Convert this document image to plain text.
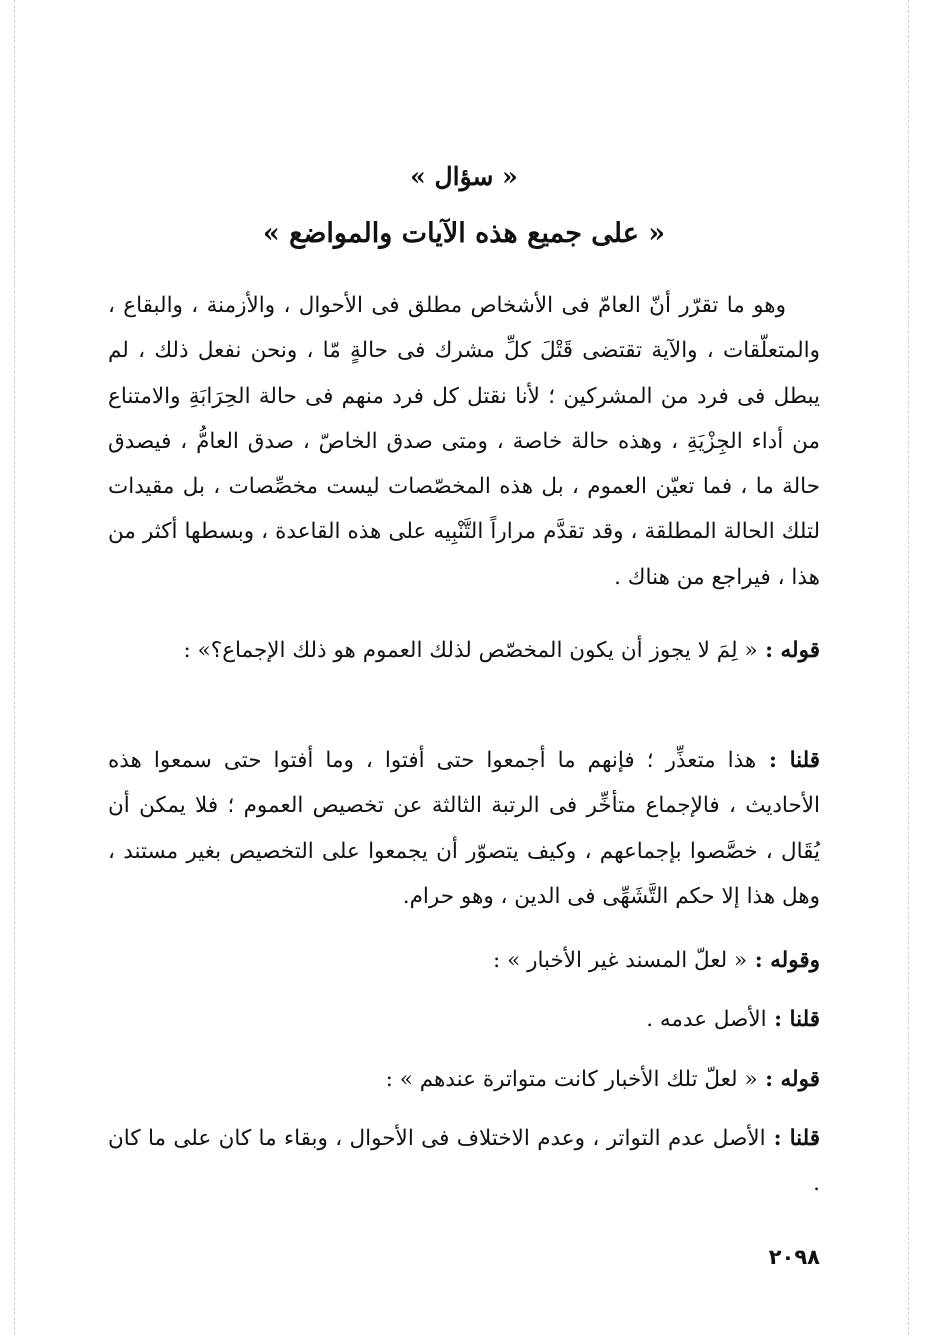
« سؤال »
« على جميع هذه الآيات والمواضع »

وهو ما تقرّر أنّ العامّ فى الأشخاص مطلق فى الأحوال ، والأزمنة ، والبقاع ، والمتعلّقات ، والآية تقتضى قَتْلَ كلِّ مشرك فى حالةٍ مّا ، ونحن نفعل ذلك ، لم يبطل فى فرد من المشركين ؛ لأنا نقتل كل فرد منهم فى حالة الحِرَابَةِ والامتناع من أداء الجِزْيَةِ ، وهذه حالة خاصة ، ومتى صدق الخاصّ ، صدق العامُّ ، فيصدق حالة ما ، فما تعيّن العموم ، بل هذه المخصّصات ليست مخصِّصات ، بل مقيدات لتلك الحالة المطلقة ، وقد تقدَّم مراراً التَّنْبِيه على هذه القاعدة ، وبسطها أكثر من هذا ، فيراجع من هناك .

قوله :« لِمَ لا يجوز أن يكون المخصّص لذلك العموم هو ذلك الإجماع؟» :

قلنا :هذا متعذِّر ؛ فإنهم ما أجمعوا حتى أفتوا ، وما أفتوا حتى سمعوا هذه الأحاديث ، فالإجماع متأخِّر فى الرتبة الثالثة عن تخصيص العموم ؛ فلا يمكن أن يُقَال ، خصَّصوا بإجماعهم ، وكيف يتصوّر أن يجمعوا على التخصيص بغير مستند ، وهل هذا إلا حكم التَّشَهِّى فى الدين ، وهو حرام.

وقوله :« لعلّ المسند غير الأخبار » :

قلنا :الأصل عدمه .

قوله :« لعلّ تلك الأخبار كانت متواترة عندهم » :

قلنا :الأصل عدم التواتر ، وعدم الاختلاف فى الأحوال ، وبقاء ما كان على ما كان .

٢٠٩٨
